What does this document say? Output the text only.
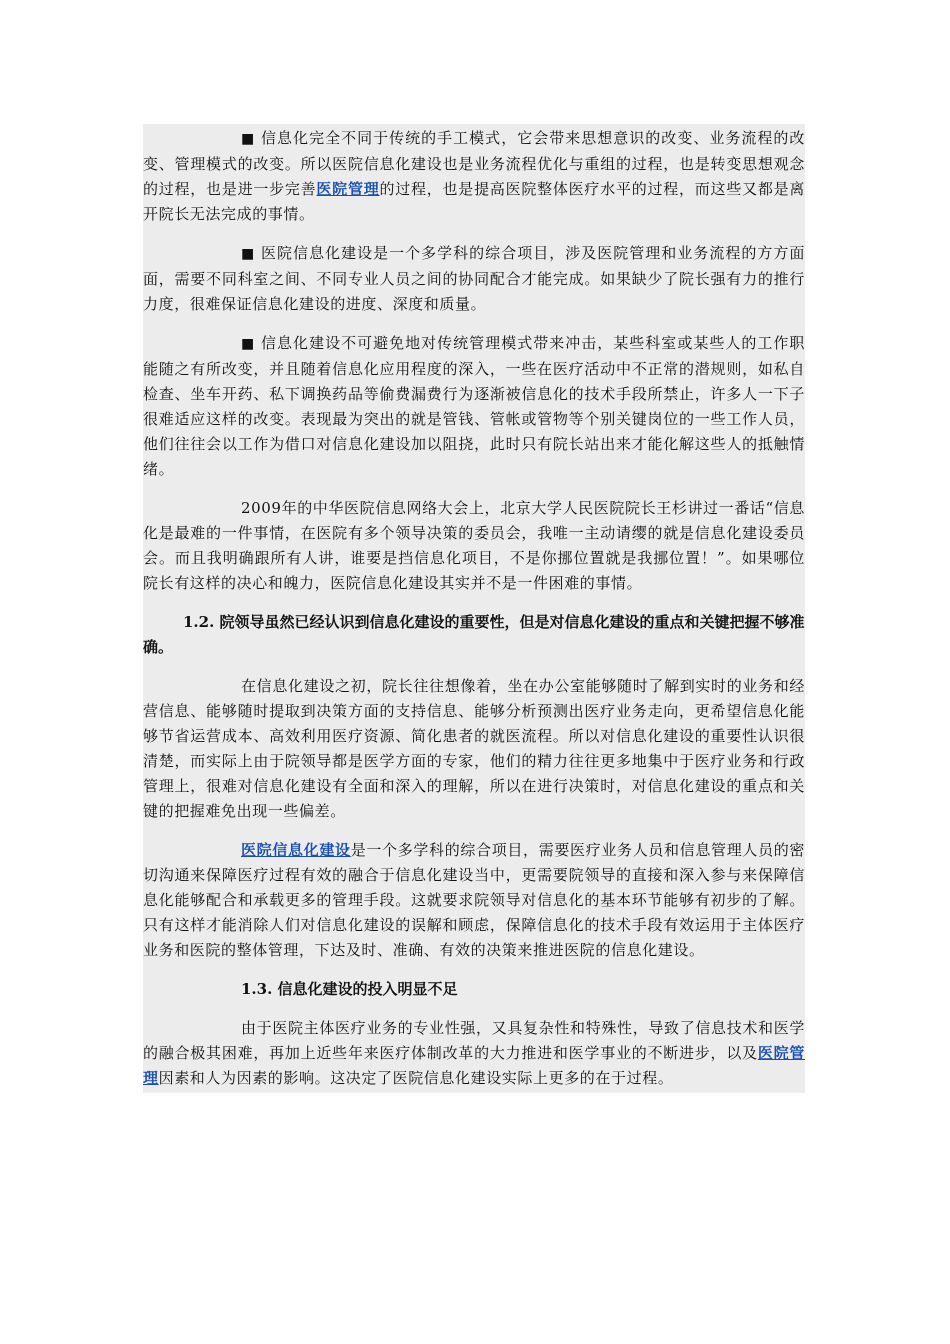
■ 信息化完全不同于传统的手工模式，它会带来思想意识的改变、业务流程的改变、管理模式的改变。所以医院信息化建设也是业务流程优化与重组的过程，也是转变思想观念的过程，也是进一步完善医院管理的过程，也是提高医院整体医疗水平的过程，而这些又都是离开院长无法完成的事情。
■ 医院信息化建设是一个多学科的综合项目，涉及医院管理和业务流程的方方面面，需要不同科室之间、不同专业人员之间的协同配合才能完成。如果缺少了院长强有力的推行力度，很难保证信息化建设的进度、深度和质量。
■ 信息化建设不可避免地对传统管理模式带来冲击，某些科室或某些人的工作职能随之有所改变，并且随着信息化应用程度的深入，一些在医疗活动中不正常的潜规则，如私自检查、坐车开药、私下调换药品等偷费漏费行为逐渐被信息化的技术手段所禁止，许多人一下子很难适应这样的改变。表现最为突出的就是管钱、管帐或管物等个别关键岗位的一些工作人员，他们往往会以工作为借口对信息化建设加以阻挠，此时只有院长站出来才能化解这些人的抵触情绪。
2009年的中华医院信息网络大会上，北京大学人民医院院长王杉讲过一番话“信息化是最难的一件事情，在医院有多个领导决策的委员会，我唯一主动请缨的就是信息化建设委员会。而且我明确跟所有人讲，谁要是挡信息化项目，不是你挪位置就是我挪位置！”。如果哪位院长有这样的决心和魄力，医院信息化建设其实并不是一件困难的事情。
1.2. 院领导虽然已经认识到信息化建设的重要性，但是对信息化建设的重点和关键把握不够准确。
在信息化建设之初，院长往往想像着，坐在办公室能够随时了解到实时的业务和经营信息、能够随时提取到决策方面的支持信息、能够分析预测出医疗业务走向，更希望信息化能够节省运营成本、高效利用医疗资源、简化患者的就医流程。所以对信息化建设的重要性认识很清楚，而实际上由于院领导都是医学方面的专家，他们的精力往往更多地集中于医疗业务和行政管理上，很难对信息化建设有全面和深入的理解，所以在进行决策时，对信息化建设的重点和关键的把握难免出现一些偏差。
医院信息化建设是一个多学科的综合项目，需要医疗业务人员和信息管理人员的密切沟通来保障医疗过程有效的融合于信息化建设当中，更需要院领导的直接和深入参与来保障信息化能够配合和承载更多的管理手段。这就要求院领导对信息化的基本环节能够有初步的了解。只有这样才能消除人们对信息化建设的误解和顾虑，保障信息化的技术手段有效运用于主体医疗业务和医院的整体管理，下达及时、准确、有效的决策来推进医院的信息化建设。
1.3. 信息化建设的投入明显不足
由于医院主体医疗业务的专业性强，又具复杂性和特殊性，导致了信息技术和医学的融合极其困难，再加上近些年来医疗体制改革的大力推进和医学事业的不断进步，以及医院管理因素和人为因素的影响。这决定了医院信息化建设实际上更多的在于过程。
